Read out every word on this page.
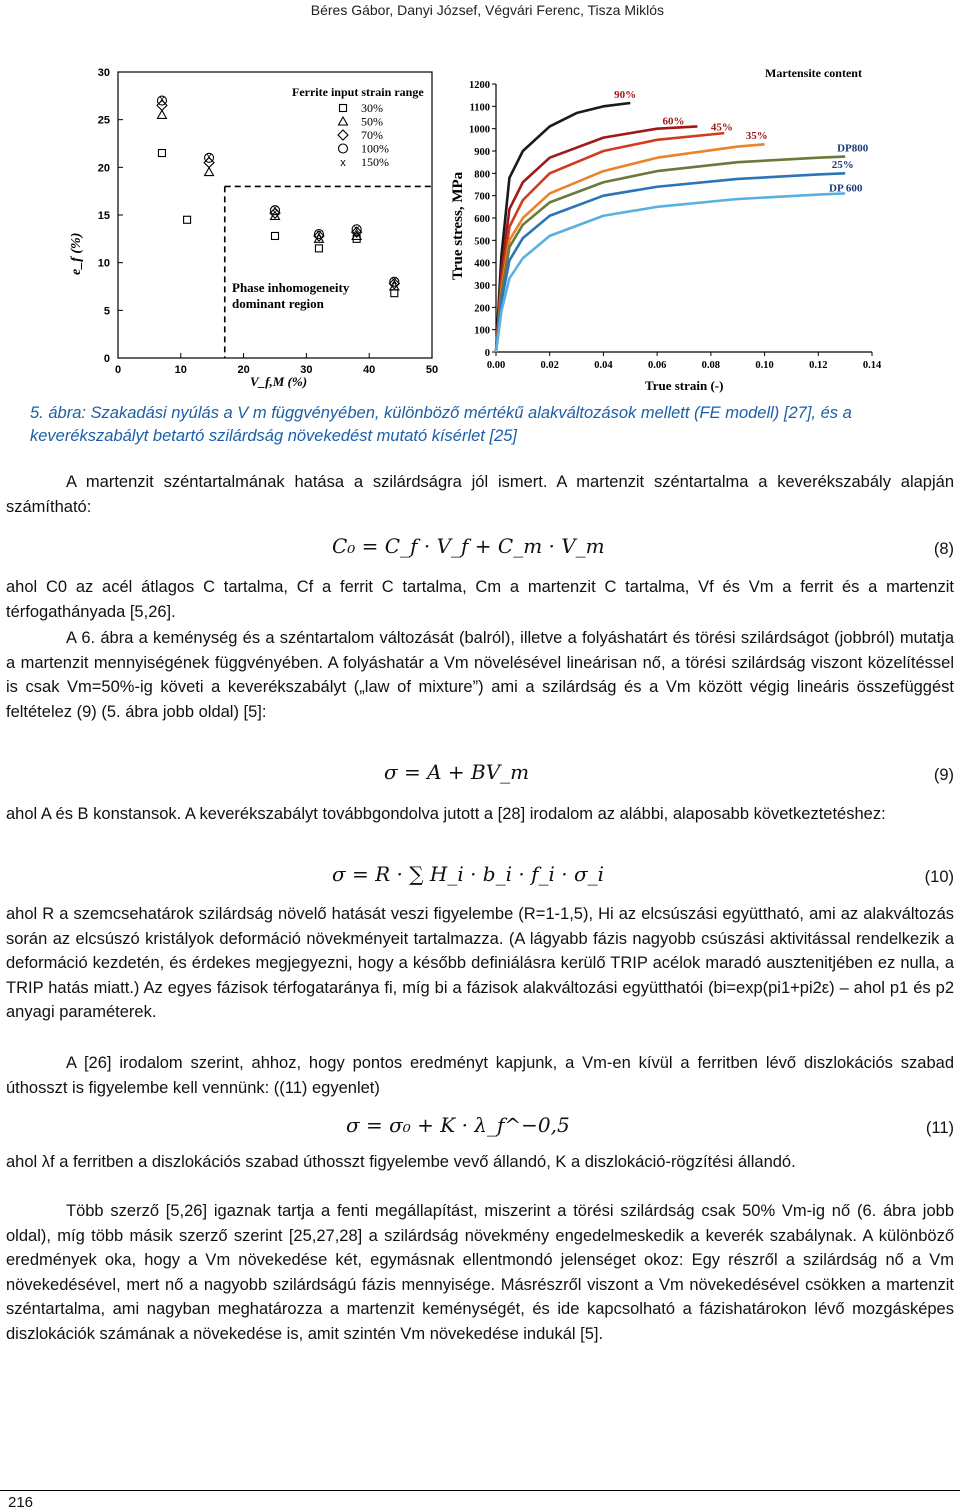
Béres Gábor, Danyi József, Végvári Ferenc, Tisza Miklós
e_f (%)
V_f,M (%)
0
5
10
15
20
25
30
0	10	20	30	40	50
x
x
x
x	x
x
Ferrite input strain range
30%
50%
70%
100%
x 150%
Phase inhomogeneity
dominant region
True stress, MPa
True strain (-)
Martensite content
0
100
200
300
400
500
600
700
800
900
1000
1100
1200
0.00	0.02	0.04	0.06	0.08	0.10	0.12	0.14
90%
60% 45%
35%
DP800
25%
DP 600
5. ábra: Szakadási nyúlás a V m függvényében, különböző mértékű alakváltozások mellett (FE modell) [27], és a keverékszabályt betartó szilárdság növekedést mutató kísérlet [25]

A martenzit széntartalmának hatása a szilárdságra jól ismert. A martenzit széntartalma a keverékszabály alapján számítható:

C₀ = C_f · V_f + C_m · V_m	(8)

ahol C0 az acél átlagos C tartalma, Cf a ferrit C tartalma, Cm a martenzit C tartalma, Vf és Vm a ferrit és a martenzit térfogathányada [5,26].

A 6. ábra a keménység és a széntartalom változását (balról), illetve a folyáshatárt és törési szilárdságot (jobbról) mutatja a martenzit mennyiségének függvényében. A folyáshatár a Vm növelésével lineárisan nő, a törési szilárdság viszont közelítéssel is csak Vm=50%-ig követi a keverékszabályt („law of mixture”) ami a szilárdság és a Vm között végig lineáris összefüggést feltételez (9) (5. ábra jobb oldal) [5]:

σ = A + BV_m	(9)

ahol A és B konstansok. A keverékszabályt továbbgondolva jutott a [28] irodalom az alábbi, alaposabb következtetéshez:

σ = R · ∑ H_i · b_i · f_i · σ_i	(10)

ahol R a szemcsehatárok szilárdság növelő hatását veszi figyelembe (R=1-1,5), Hi az elcsúszási együttható, ami az alakváltozás során az elcsúszó kristályok deformáció növekményeit tartalmazza. (A lágyabb fázis nagyobb csúszási aktivitással rendelkezik a deformáció kezdetén, és érdekes megjegyezni, hogy a később definiálásra kerülő TRIP acélok maradó ausztenitjében ez nulla, a TRIP hatás miatt.) Az egyes fázisok térfogataránya fi, míg bi a fázisok alakváltozási együtthatói (bi=exp(pi1+pi2ε) – ahol p1 és p2 anyagi paraméterek.

A [26] irodalom szerint, ahhoz, hogy pontos eredményt kapjunk, a Vm-en kívül a ferritben lévő diszlokációs szabad úthosszt is figyelembe kell vennünk: ((11) egyenlet)

σ = σ₀ + K · λ_f^−0,5	(11)

ahol λf a ferritben a diszlokációs szabad úthosszt figyelembe vevő állandó, K a diszlokáció-rögzítési állandó.

Több szerző [5,26] igaznak tartja a fenti megállapítást, miszerint a törési szilárdság csak 50% Vm-ig nő (6. ábra jobb oldal), míg több másik szerző szerint [25,27,28] a szilárdság növekmény engedelmeskedik a keverék szabálynak. A különböző eredmények oka, hogy a Vm növekedése két, egymásnak ellentmondó jelenséget okoz: Egy részről a szilárdság nő a Vm növekedésével, mert nő a nagyobb szilárdságú fázis mennyisége. Másrészről viszont a Vm növekedésével csökken a martenzit széntartalma, ami nagyban meghatározza a martenzit keménységét, és ide kapcsolható a fázishatárokon lévő mozgásképes diszlokációk számának a növekedése is, amit szintén Vm növekedése indukál [5].

216
